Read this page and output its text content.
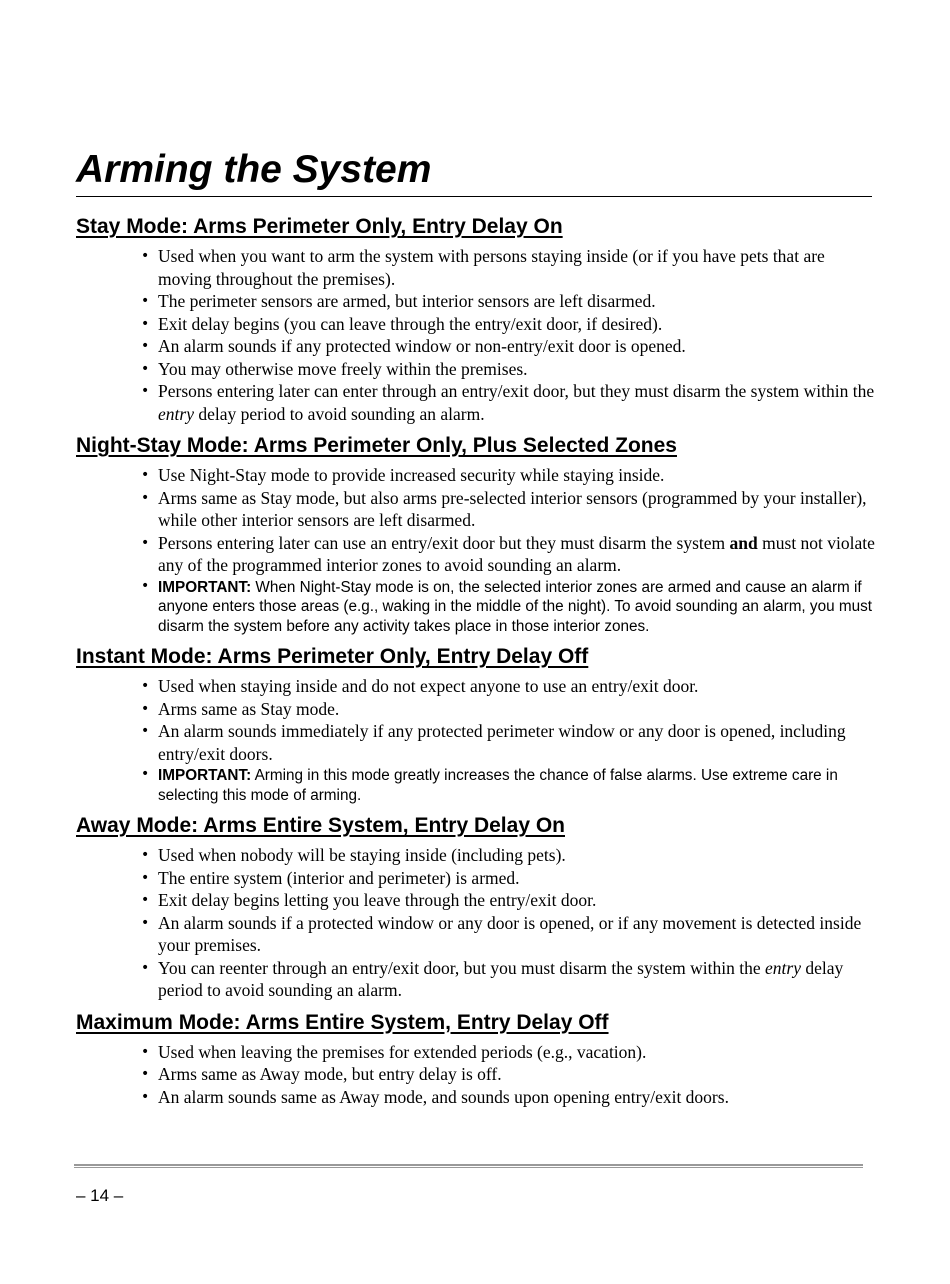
Arming the System
Stay Mode: Arms Perimeter Only, Entry Delay On
• Used when you want to arm the system with persons staying inside (or if you have pets that are moving throughout the premises).
• The perimeter sensors are armed, but interior sensors are left disarmed.
• Exit delay begins (you can leave through the entry/exit door, if desired).
• An alarm sounds if any protected window or non-entry/exit door is opened.
• You may otherwise move freely within the premises.
• Persons entering later can enter through an entry/exit door, but they must disarm the system within the entry delay period to avoid sounding an alarm.
Night-Stay Mode: Arms Perimeter Only, Plus Selected Zones
• Use Night-Stay mode to provide increased security while staying inside.
• Arms same as Stay mode, but also arms pre-selected interior sensors (programmed by your installer), while other interior sensors are left disarmed.
• Persons entering later can use an entry/exit door but they must disarm the system and must not violate any of the programmed interior zones to avoid sounding an alarm.
• IMPORTANT: When Night-Stay mode is on, the selected interior zones are armed and cause an alarm if anyone enters those areas (e.g., waking in the middle of the night). To avoid sounding an alarm, you must disarm the system before any activity takes place in those interior zones.
Instant Mode: Arms Perimeter Only, Entry Delay Off
• Used when staying inside and do not expect anyone to use an entry/exit door.
• Arms same as Stay mode.
• An alarm sounds immediately if any protected perimeter window or any door is opened, including entry/exit doors.
• IMPORTANT: Arming in this mode greatly increases the chance of false alarms. Use extreme care in selecting this mode of arming.
Away Mode: Arms Entire System, Entry Delay On
• Used when nobody will be staying inside (including pets).
• The entire system (interior and perimeter) is armed.
• Exit delay begins letting you leave through the entry/exit door.
• An alarm sounds if a protected window or any door is opened, or if any movement is detected inside your premises.
• You can reenter through an entry/exit door, but you must disarm the system within the entry delay period to avoid sounding an alarm.
Maximum Mode: Arms Entire System, Entry Delay Off
• Used when leaving the premises for extended periods (e.g., vacation).
• Arms same as Away mode, but entry delay is off.
• An alarm sounds same as Away mode, and sounds upon opening entry/exit doors.
– 14 –
